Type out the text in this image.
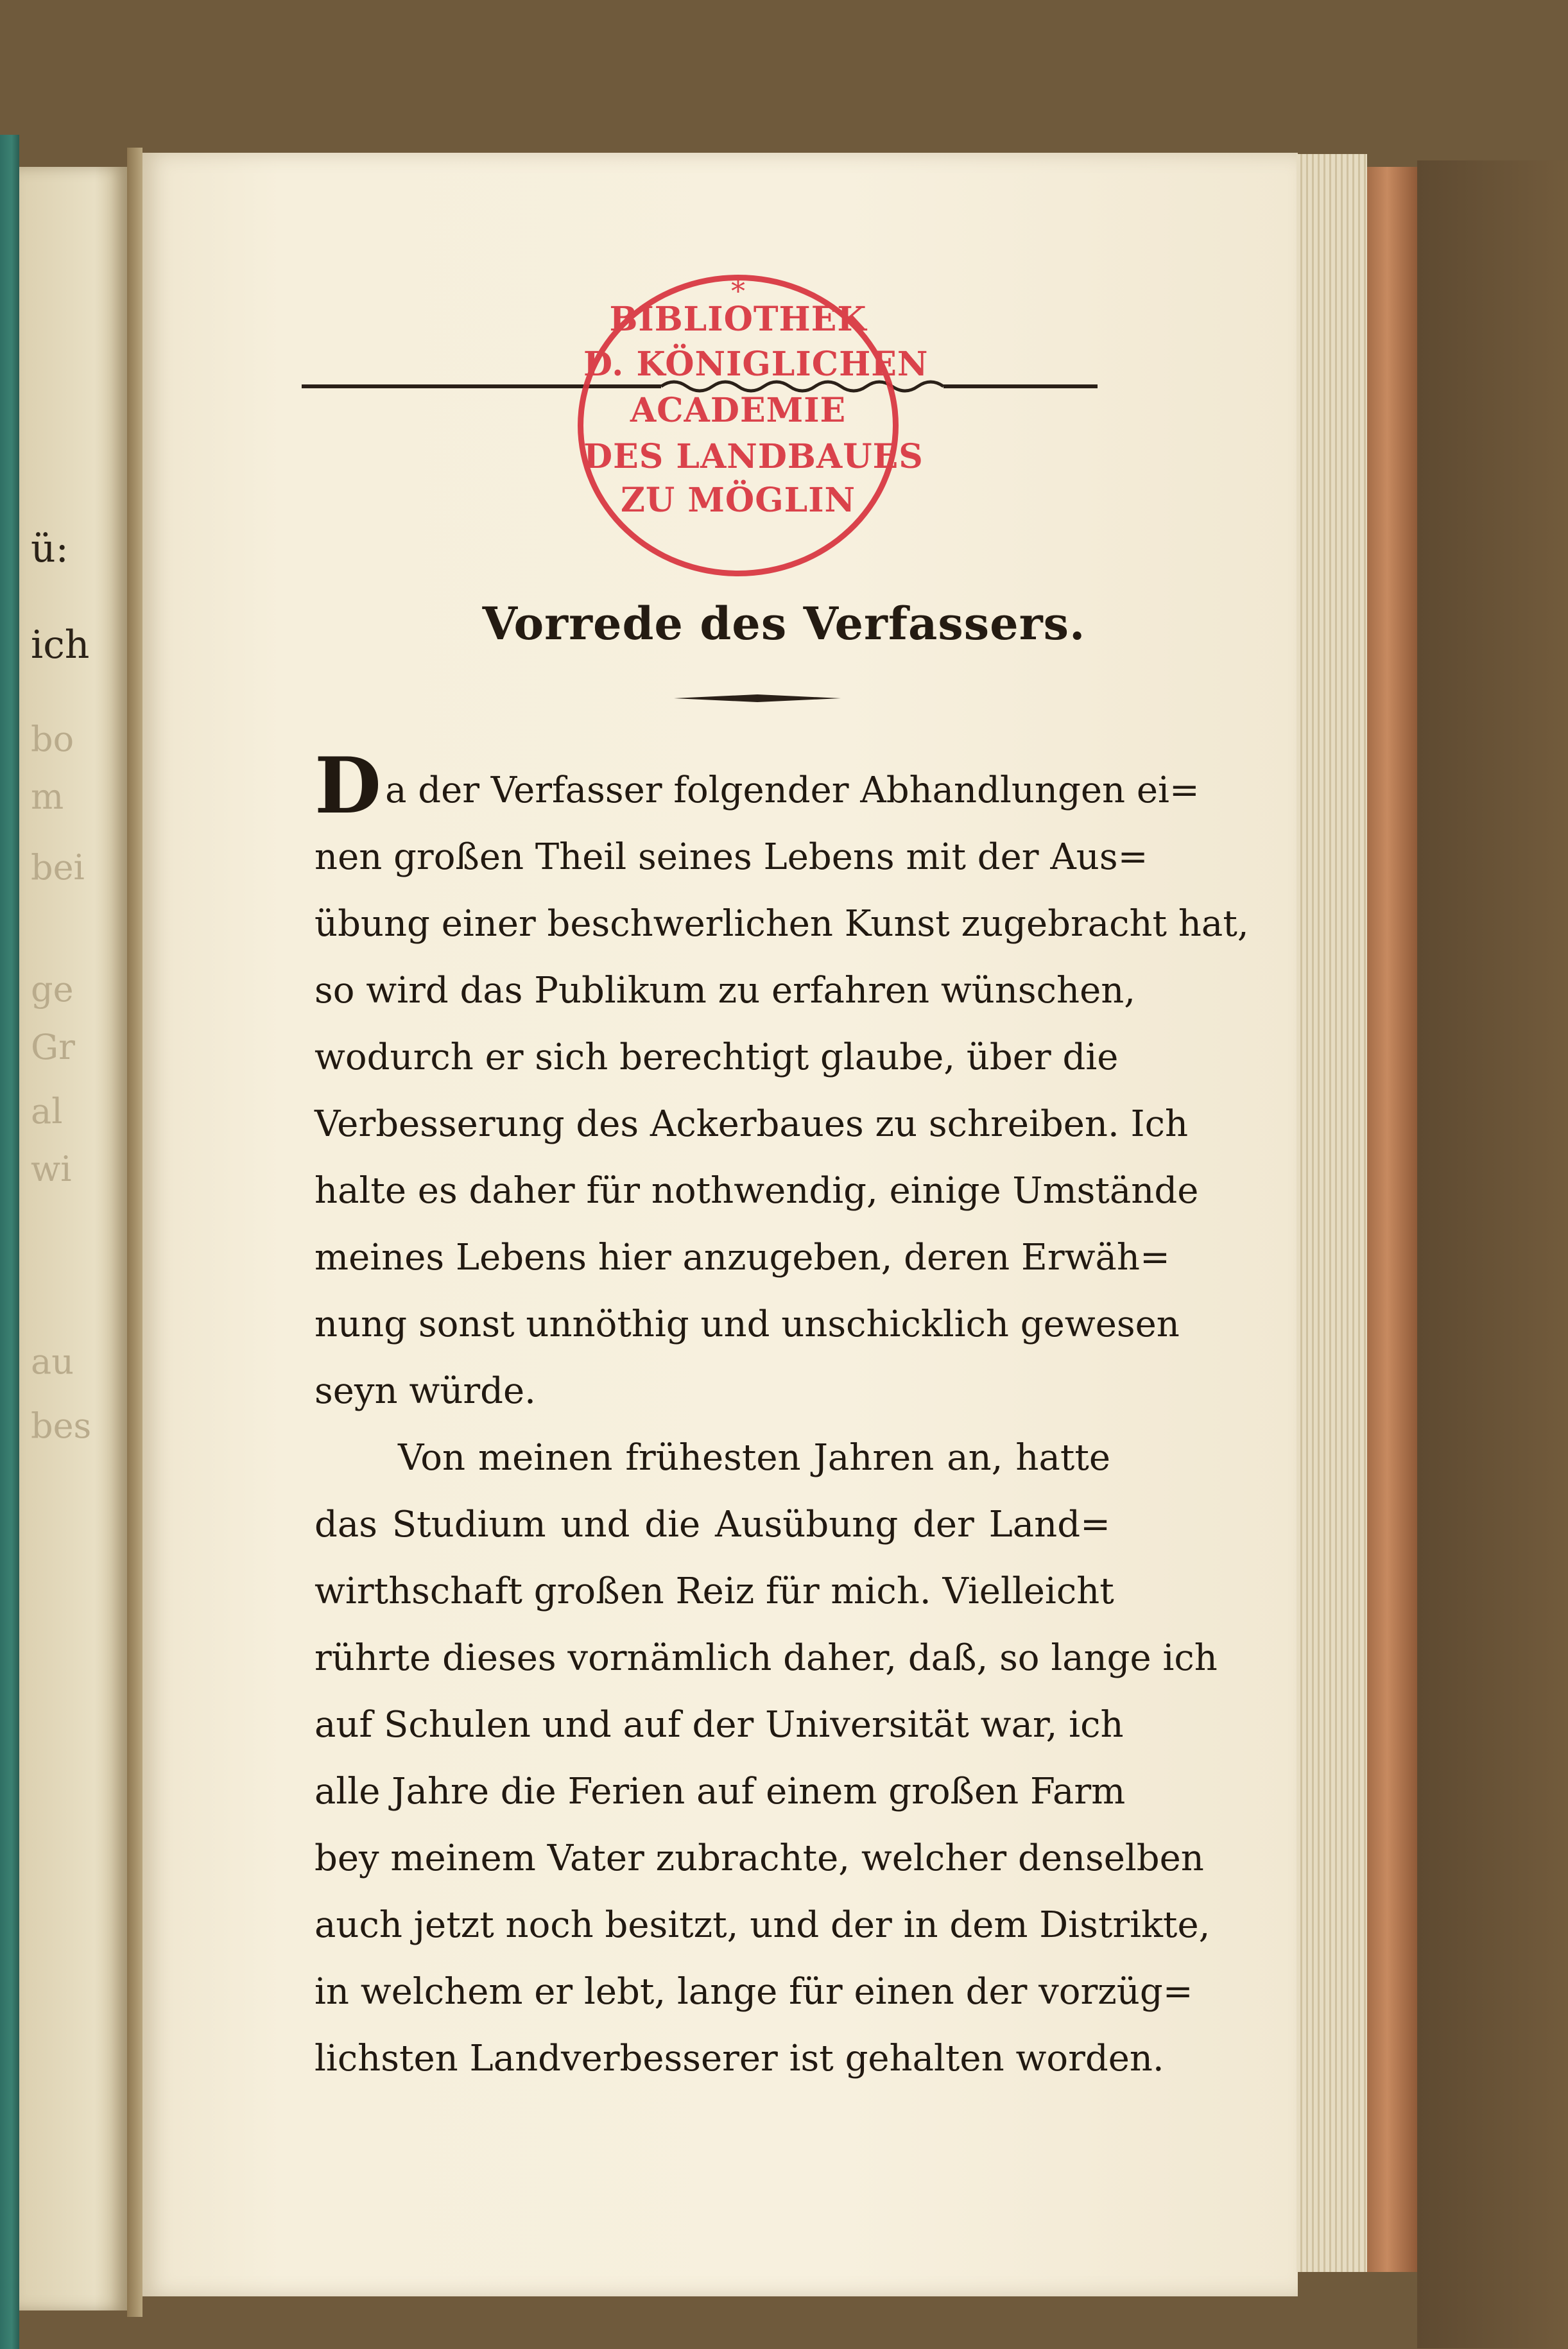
ü:
ich
bo
m
bei
ge
Gr
al
wi
au
bes

*
BIBLIOTHEK
D. KÖNIGLICHEN
ACADEMIE
DES LANDBAUES
ZU MÖGLIN
Vorrede des Verfassers.
D a der Verfasser folgender Abhandlungen ei=
nen großen Theil seines Lebens mit der Aus=
übung einer beschwerlichen Kunst zugebracht hat,
so wird das Publikum zu erfahren wünschen,
wodurch er sich berechtigt glaube, über die
Verbesserung des Ackerbaues zu schreiben. Ich
halte es daher für nothwendig, einige Umstände
meines Lebens hier anzugeben, deren Erwäh=
nung sonst unnöthig und unschicklich gewesen
seyn würde.
Von meinen frühesten Jahren an, hatte
das Studium und die Ausübung der Land=
wirthschaft großen Reiz für mich. Vielleicht
rührte dieses vornämlich daher, daß, so lange ich
auf Schulen und auf der Universität war, ich
alle Jahre die Ferien auf einem großen Farm
bey meinem Vater zubrachte, welcher denselben
auch jetzt noch besitzt, und der in dem Distrikte,
in welchem er lebt, lange für einen der vorzüg=
lichsten Landverbesserer ist gehalten worden.
